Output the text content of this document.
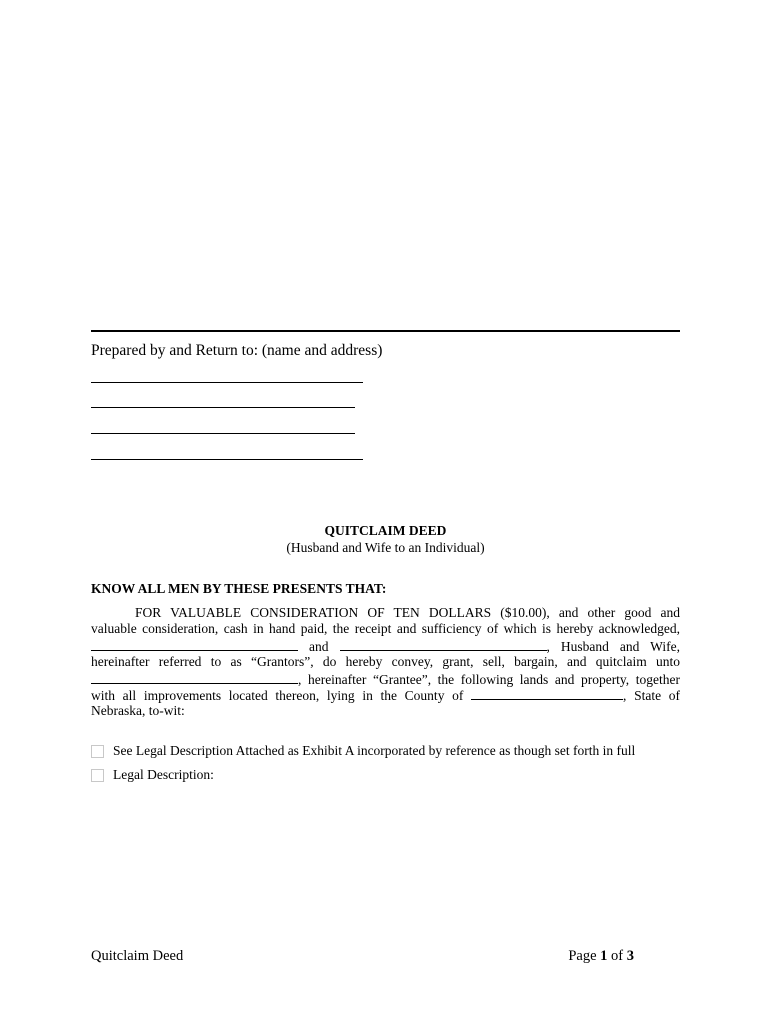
Prepared by and Return to: (name and address)
QUITCLAIM DEED
(Husband and Wife to an Individual)
KNOW ALL MEN BY THESE PRESENTS THAT:
FOR VALUABLE CONSIDERATION OF TEN DOLLARS ($10.00), and other good and
valuable consideration, cash in hand paid, the receipt and sufficiency of which is hereby acknowledged,
and	, Husband and Wife,
hereinafter referred to as “Grantors”, do hereby convey, grant, sell, bargain, and quitclaim unto
, hereinafter “Grantee”, the following lands and property, together
with all improvements located thereon, lying in the County of	, State of
Nebraska, to-wit:
See Legal Description Attached as Exhibit A incorporated by reference as though set forth in full
Legal Description:
Quitclaim Deed	Page 1 of 3
